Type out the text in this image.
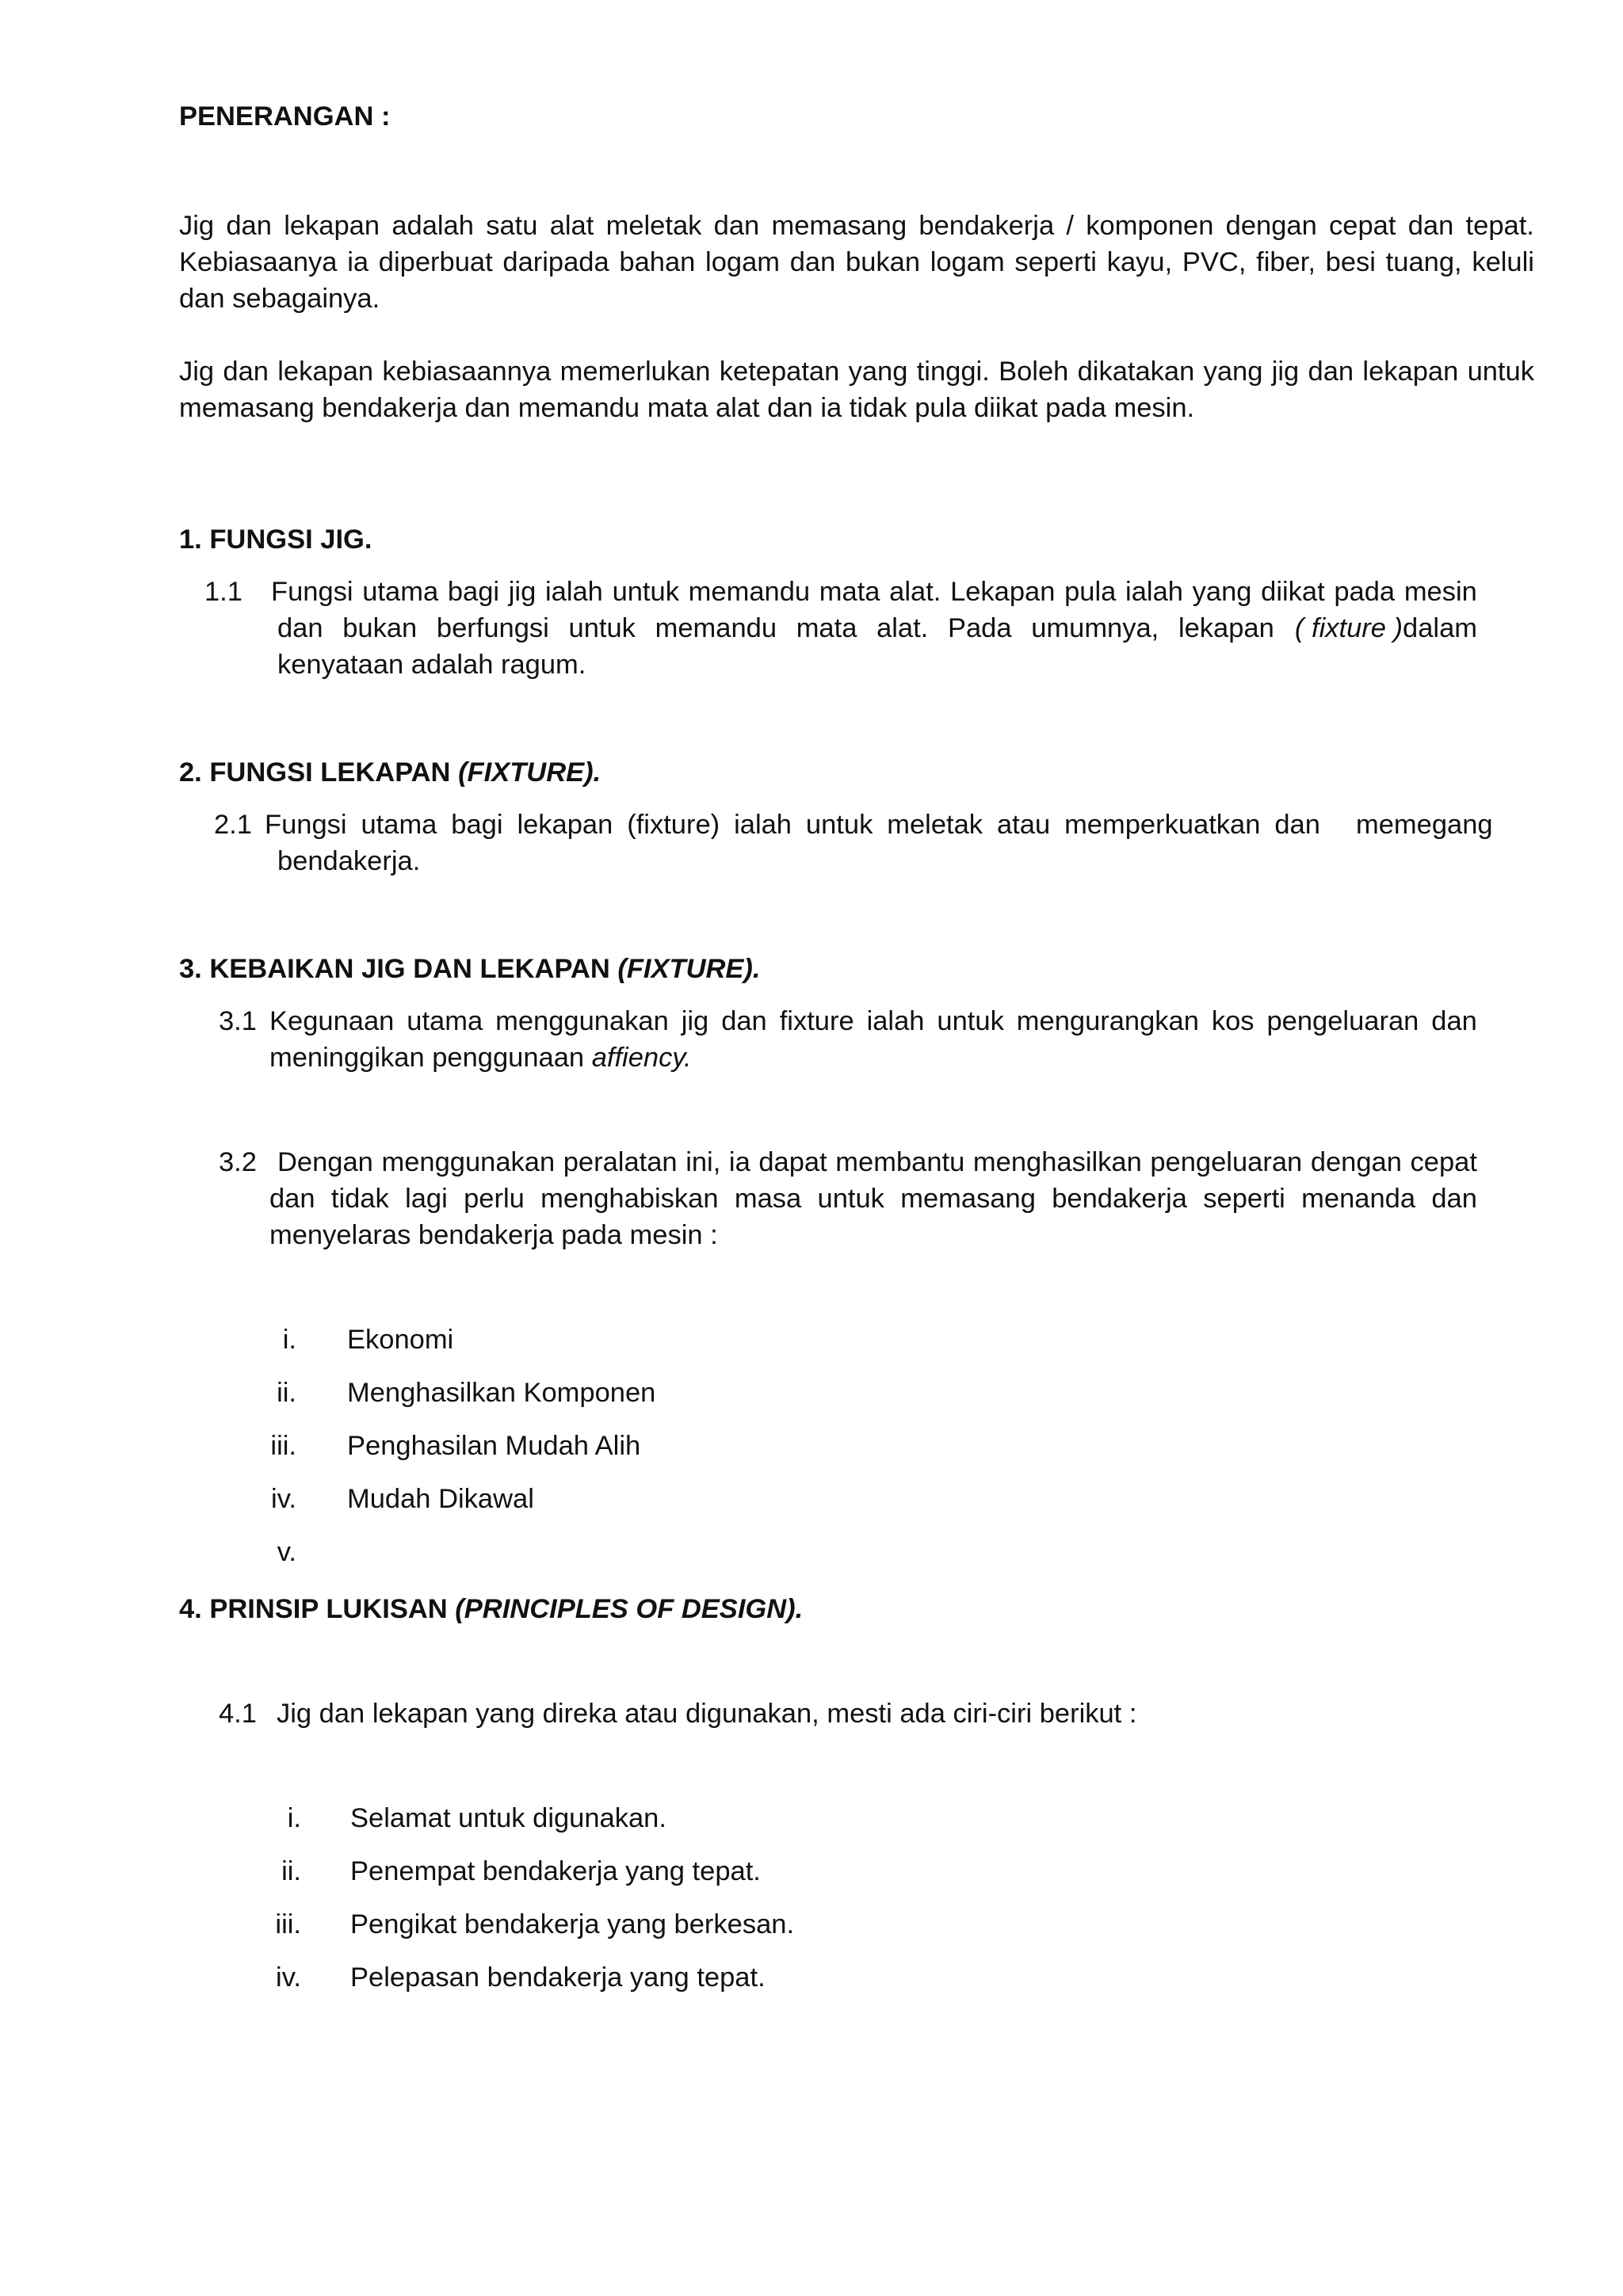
PENERANGAN :
Jig dan lekapan adalah satu alat meletak dan memasang bendakerja / komponen dengan cepat dan tepat.
Kebiasaanya ia diperbuat daripada bahan logam dan bukan logam seperti kayu, PVC, fiber, besi tuang, keluli
dan sebagainya.
Jig dan lekapan kebiasaannya memerlukan ketepatan yang tinggi. Boleh dikatakan yang jig dan lekapan untuk
memasang bendakerja dan memandu mata alat dan ia tidak pula diikat pada mesin.
1. FUNGSI JIG.
1.1 Fungsi utama bagi jig ialah untuk memandu mata alat. Lekapan pula ialah yang diikat pada mesin
dan bukan berfungsi untuk memandu mata alat. Pada umumnya, lekapan ( fixture ) dalam
kenyataan adalah ragum.
2. FUNGSI LEKAPAN (FIXTURE).
2.1 Fungsi utama bagi lekapan (fixture) ialah untuk meletak atau memperkuatkan dan memegang
bendakerja.
3. KEBAIKAN JIG DAN LEKAPAN (FIXTURE).
3.1 Kegunaan utama menggunakan jig dan fixture ialah untuk mengurangkan kos pengeluaran dan
meninggikan penggunaan affiency.
3.2 Dengan menggunakan peralatan ini, ia dapat membantu menghasilkan pengeluaran dengan cepat
dan tidak lagi perlu menghabiskan masa untuk memasang bendakerja seperti menanda dan
menyelaras bendakerja pada mesin :
i. Ekonomi
ii. Menghasilkan Komponen
iii. Penghasilan Mudah Alih
iv. Mudah Dikawal
v.
4. PRINSIP LUKISAN (PRINCIPLES OF DESIGN).
4.1 Jig dan lekapan yang direka atau digunakan, mesti ada ciri-ciri berikut :
i. Selamat untuk digunakan.
ii. Penempat bendakerja yang tepat.
iii. Pengikat bendakerja yang berkesan.
iv. Pelepasan bendakerja yang tepat.
